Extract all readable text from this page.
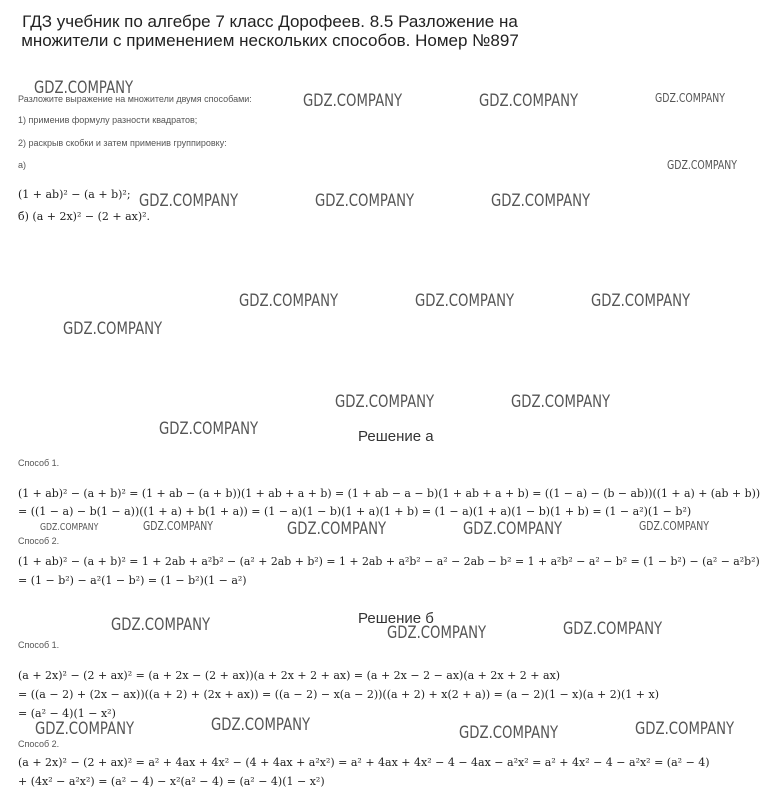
ГДЗ учебник по алгебре 7 класс Дорофеев. 8.5 Разложение на множители с применением нескольких способов. Номер №897
Разложите выражение на множители двумя способами:
1) применив формулу разности квадратов;
2) раскрыв скобки и затем применив группировку:
а)
(1 + ab)² − (a + b)²;
б) (a + 2x)² − (2 + ax)².
Решение а
Способ 1.
(1 + ab)² − (a + b)² = (1 + ab − (a + b))(1 + ab + a + b) = (1 + ab − a − b)(1 + ab + a + b) = ((1 − a) − (b − ab))((1 + a) + (ab + b))
= ((1 − a) − b(1 − a))((1 + a) + b(1 + a)) = (1 − a)(1 − b)(1 + a)(1 + b) = (1 − a)(1 + a)(1 − b)(1 + b) = (1 − a²)(1 − b²)
Способ 2.
(1 + ab)² − (a + b)² = 1 + 2ab + a²b² − (a² + 2ab + b²) = 1 + 2ab + a²b² − a² − 2ab − b² = 1 + a²b² − a² − b² = (1 − b²) − (a² − a²b²)
= (1 − b²) − a²(1 − b²) = (1 − b²)(1 − a²)
Решение б
Способ 1.
(a + 2x)² − (2 + ax)² = (a + 2x − (2 + ax))(a + 2x + 2 + ax) = (a + 2x − 2 − ax)(a + 2x + 2 + ax)
= ((a − 2) + (2x − ax))((a + 2) + (2x + ax)) = ((a − 2) − x(a − 2))((a + 2) + x(2 + a)) = (a − 2)(1 − x)(a + 2)(1 + x)
= (a² − 4)(1 − x²)
Способ 2.
(a + 2x)² − (2 + ax)² = a² + 4ax + 4x² − (4 + 4ax + a²x²) = a² + 4ax + 4x² − 4 − 4ax − a²x² = a² + 4x² − 4 − a²x² = (a² − 4)
+ (4x² − a²x²) = (a² − 4) − x²(a² − 4) = (a² − 4)(1 − x²)
GDZ.COMPANY
GDZ.COMPANY	GDZ.COMPANY	GDZ.COMPANY
GDZ.COMPANY
GDZ.COMPANY	GDZ.COMPANY	GDZ.COMPANY
GDZ.COMPANY	GDZ.COMPANY	GDZ.COMPANY
GDZ.COMPANY
GDZ.COMPANY	GDZ.COMPANY
GDZ.COMPANY
GDZ.COMPANY	GDZ.COMPANY	GDZ.COMPANY	GDZ.COMPANY	GDZ.COMPANY
GDZ.COMPANY	GDZ.COMPANY	GDZ.COMPANY
GDZ.COMPANY	GDZ.COMPANY	GDZ.COMPANY	GDZ.COMPANY
